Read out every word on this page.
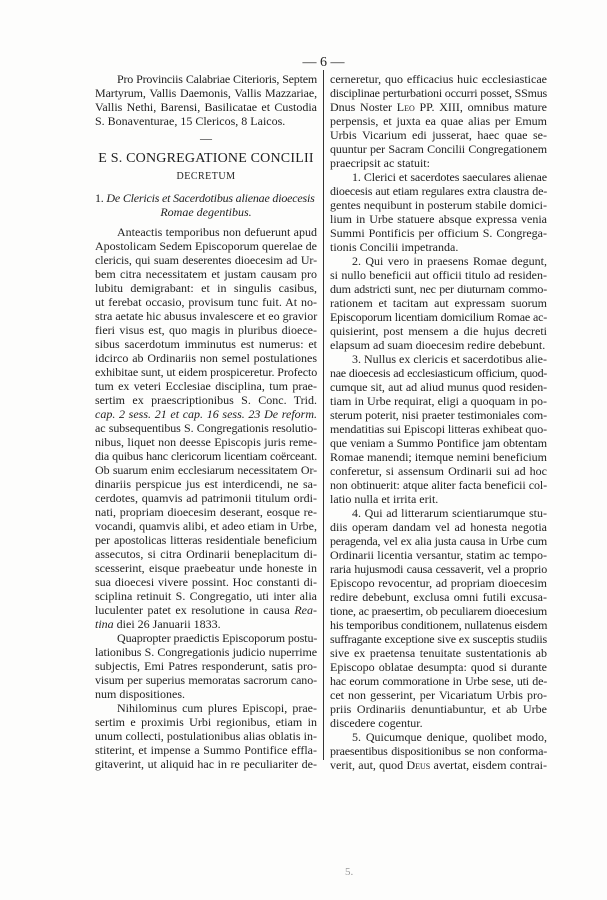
— 6 —
Pro Provinciis Calabriae Citerioris, Septem
Martyrum, Vallis Daemonis, Vallis Mazzariae,
Vallis Nethi, Barensi, Basilicatae et Custodia
S. Bonaventurae, 15 Clericos, 8 Laicos.
—
E S. CONGREGATIONE CONCILII
DECRETUM
1. De Clericis et Sacerdotibus alienae dioecesis
Romae degentibus.
Anteactis temporibus non defuerunt apud
Apostolicam Sedem Episcoporum querelae de
clericis, qui suam deserentes dioecesim ad Ur-
bem citra necessitatem et justam causam pro
lubitu demigrabant: et in singulis casibus,
ut ferebat occasio, provisum tunc fuit. At no-
stra aetate hic abusus invalescere et eo gravior
fieri visus est, quo magis in pluribus dioece-
sibus sacerdotum imminutus est numerus: et
idcirco ab Ordinariis non semel postulationes
exhibitae sunt, ut eidem prospiceretur. Profecto
tum ex veteri Ecclesiae disciplina, tum prae-
sertim ex praescriptionibus S. Conc. Trid.
cap. 2 sess. 21 et cap. 16 sess. 23 De reform.
ac subsequentibus S. Congregationis resolutio-
nibus, liquet non deesse Episcopis juris reme-
dia quibus hanc clericorum licentiam coërceant.
Ob suarum enim ecclesiarum necessitatem Or-
dinariis perspicue jus est interdicendi, ne sa-
cerdotes, quamvis ad patrimonii titulum ordi-
nati, propriam dioecesim deserant, eosque re-
vocandi, quamvis alibi, et adeo etiam in Urbe,
per apostolicas litteras residentiale beneficium
assecutos, si citra Ordinarii beneplacitum di-
scesserint, eisque praebeatur unde honeste in
sua dioecesi vivere possint. Hoc constanti di-
sciplina retinuit S. Congregatio, uti inter alia
luculenter patet ex resolutione in causa Rea-
tina diei 26 Januarii 1833.
Quapropter praedictis Episcoporum postu-
lationibus S. Congregationis judicio nuperrime
subjectis, Emi Patres responderunt, satis pro-
visum per superius memoratas sacrorum cano-
num dispositiones.
Nihilominus cum plures Episcopi, prae-
sertim e proximis Urbi regionibus, etiam in
unum collecti, postulationibus alias oblatis in-
stiterint, et impense a Summo Pontifice effla-
gitaverint, ut aliquid hac in re peculiariter de-
cerneretur, quo efficacius huic ecclesiasticae
disciplinae perturbationi occurri posset, SSmus
Dnus Noster Leo PP. XIII, omnibus mature
perpensis, et juxta ea quae alias per Emum
Urbis Vicarium edi jusserat, haec quae se-
quuntur per Sacram Concilii Congregationem
praecripsit ac statuit:
1. Clerici et sacerdotes saeculares alienae
dioecesis aut etiam regulares extra claustra de-
gentes nequibunt in posterum stabile domici-
lium in Urbe statuere absque expressa venia
Summi Pontificis per officium S. Congrega-
tionis Concilii impetranda.
2. Qui vero in praesens Romae degunt,
si nullo beneficii aut officii titulo ad residen-
dum adstricti sunt, nec per diuturnam commo-
rationem et tacitam aut expressam suorum
Episcoporum licentiam domicilium Romae ac-
quisierint, post mensem a die hujus decreti
elapsum ad suam dioecesim redire debebunt.
3. Nullus ex clericis et sacerdotibus alie-
nae dioecesis ad ecclesiasticum officium, quod-
cumque sit, aut ad aliud munus quod residen-
tiam in Urbe requirat, eligi a quoquam in po-
sterum poterit, nisi praeter testimoniales com-
mendatitias sui Episcopi litteras exhibeat quo-
que veniam a Summo Pontifice jam obtentam
Romae manendi; itemque nemini beneficium
conferetur, si assensum Ordinarii sui ad hoc
non obtinuerit: atque aliter facta beneficii col-
latio nulla et irrita erit.
4. Qui ad litterarum scientiarumque stu-
diis operam dandam vel ad honesta negotia
peragenda, vel ex alia justa causa in Urbe cum
Ordinarii licentia versantur, statim ac tempo-
raria hujusmodi causa cessaverit, vel a proprio
Episcopo revocentur, ad propriam dioecesim
redire debebunt, exclusa omni futili excusa-
tione, ac praesertim, ob peculiarem dioecesium
his temporibus conditionem, nullatenus eisdem
suffragante exceptione sive ex susceptis studiis
sive ex praetensa tenuitate sustentationis ab
Episcopo oblatae desumpta: quod si durante
hac eorum commoratione in Urbe sese, uti de-
cet non gesserint, per Vicariatum Urbis pro-
priis Ordinariis denuntiabuntur, et ab Urbe
discedere cogentur.
5. Quicumque denique, quolibet modo,
praesentibus dispositionibus se non conforma-
verit, aut, quod Deus avertat, eisdem contrai-
5.
